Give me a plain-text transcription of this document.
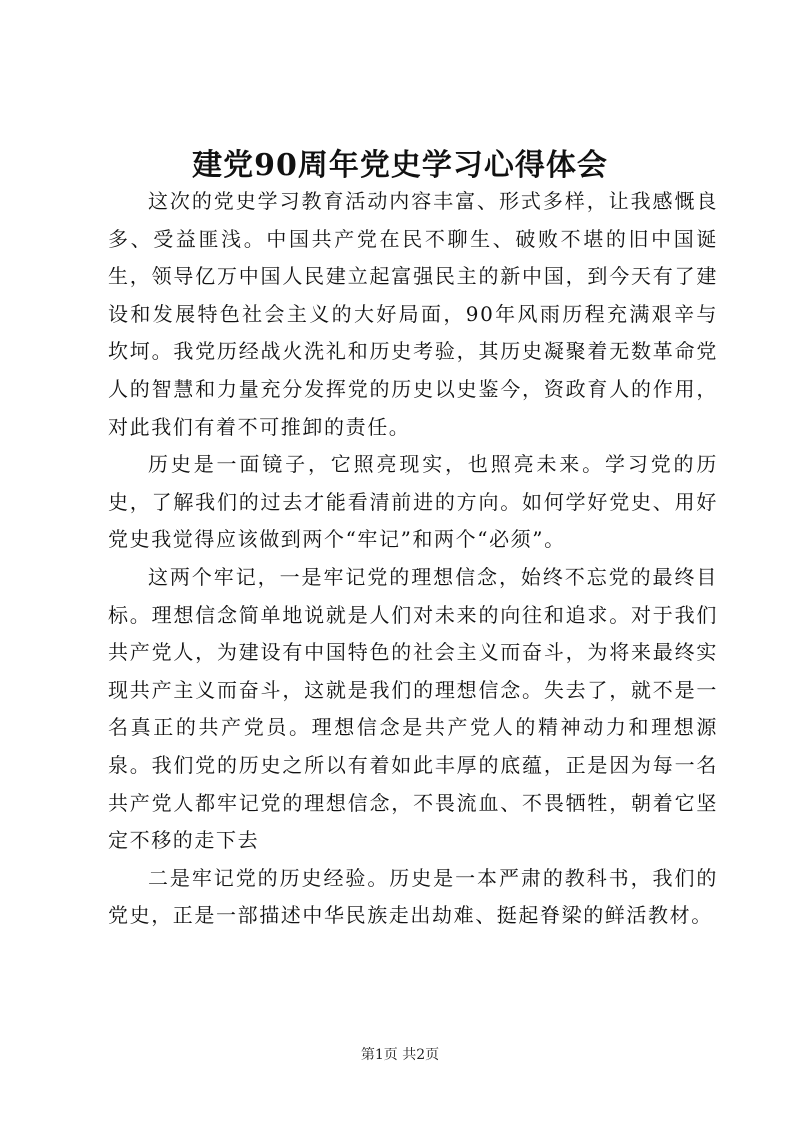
建党90周年党史学习心得体会

这次的党史学习教育活动内容丰富、形式多样，让我感慨良多、受益匪浅。中国共产党在民不聊生、破败不堪的旧中国诞生，领导亿万中国人民建立起富强民主的新中国，到今天有了建设和发展特色社会主义的大好局面，90年风雨历程充满艰辛与坎坷。我党历经战火洗礼和历史考验，其历史凝聚着无数革命党人的智慧和力量充分发挥党的历史以史鉴今，资政育人的作用，对此我们有着不可推卸的责任。

历史是一面镜子，它照亮现实，也照亮未来。学习党的历史，了解我们的过去才能看清前进的方向。如何学好党史、用好党史我觉得应该做到两个“牢记”和两个“必须”。

这两个牢记，一是牢记党的理想信念，始终不忘党的最终目标。理想信念简单地说就是人们对未来的向往和追求。对于我们共产党人，为建设有中国特色的社会主义而奋斗，为将来最终实现共产主义而奋斗，这就是我们的理想信念。失去了，就不是一名真正的共产党员。理想信念是共产党人的精神动力和理想源泉。我们党的历史之所以有着如此丰厚的底蕴，正是因为每一名共产党人都牢记党的理想信念，不畏流血、不畏牺牲，朝着它坚定不移的走下去

二是牢记党的历史经验。历史是一本严肃的教科书，我们的党史，正是一部描述中华民族走出劫难、挺起脊梁的鲜活教材。

第1页 共2页
